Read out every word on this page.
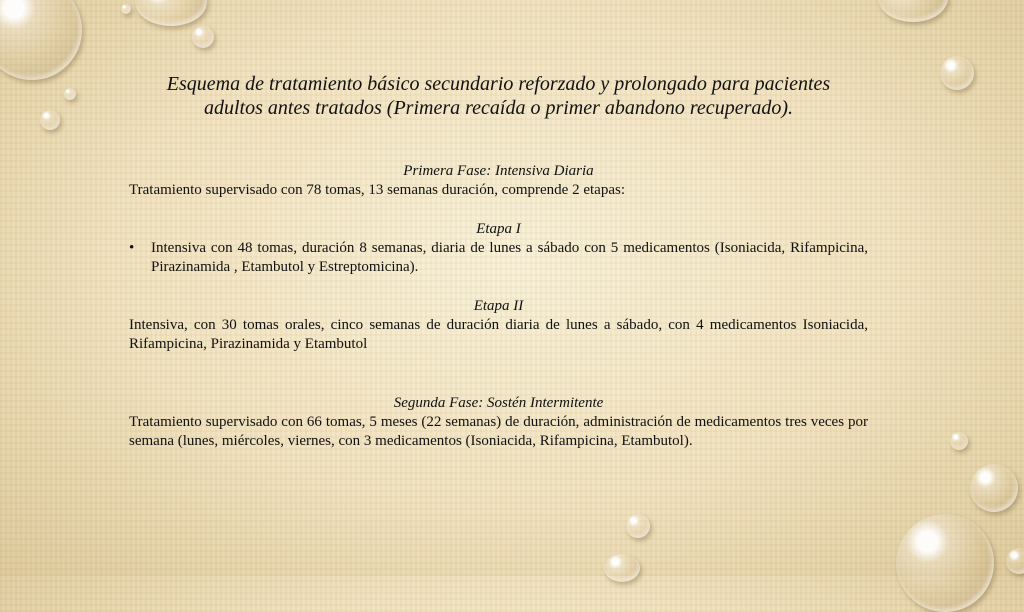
Esquema de tratamiento básico secundario reforzado y prolongado para pacientes
adultos antes tratados (Primera recaída o primer abandono recuperado).

Primera Fase: Intensiva Diaria

Tratamiento supervisado con 78 tomas, 13 semanas duración, comprende 2 etapas:

Etapa I

•	Intensiva con 48 tomas, duración 8 semanas, diaria de lunes a sábado con 5 medicamentos (Isoniacida, Rifampicina, Pirazinamida , Etambutol y Estreptomicina).

Etapa II

Intensiva, con 30 tomas orales, cinco semanas de duración diaria de lunes a sábado, con 4 medicamentos Isoniacida, Rifampicina, Pirazinamida y Etambutol

Segunda Fase: Sostén Intermitente

Tratamiento supervisado con 66 tomas, 5 meses (22 semanas) de duración, administración de medicamentos tres veces por semana (lunes, miércoles, viernes, con 3 medicamentos (Isoniacida, Rifampicina, Etambutol).
